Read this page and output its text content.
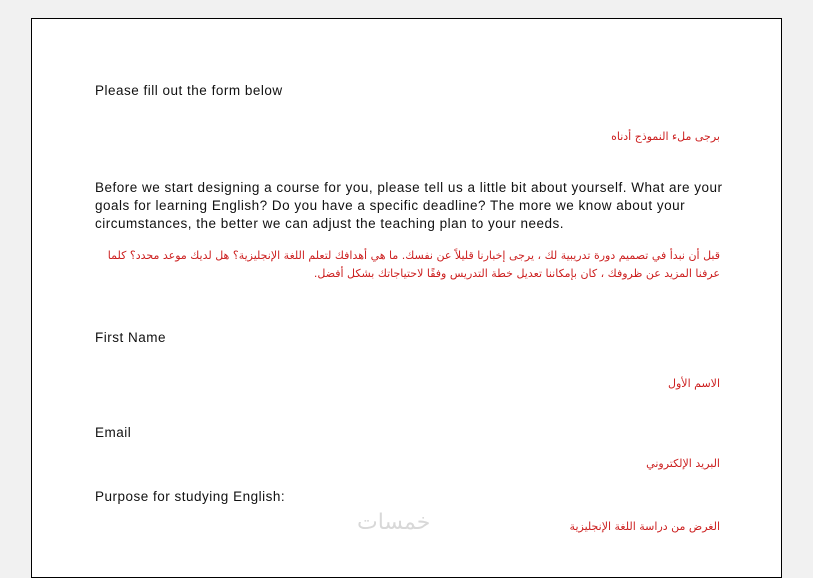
Please fill out the form below

برجى ملء النموذج أدناه

Before we start designing a course for you, please tell us a little bit about yourself. What are your goals for learning English? Do you have a specific deadline? The more we know about your circumstances, the better we can adjust the teaching plan to your needs.

قبل أن نبدأ في تصميم دورة تدريبية لك ، يرجى إخبارنا قليلاً عن نفسك. ما هي أهدافك لتعلم اللغة الإنجليزية؟ هل لديك موعد محدد؟ كلما عرفنا المزيد عن ظروفك ، كان بإمكاننا تعديل خطة التدريس وفقًا لاحتياجاتك بشكل أفضل.

First Name

الاسم الأول

Email

البريد الإلكتروني

Purpose for studying English:

الغرض من دراسة اللغة الإنجليزية

خمسات
